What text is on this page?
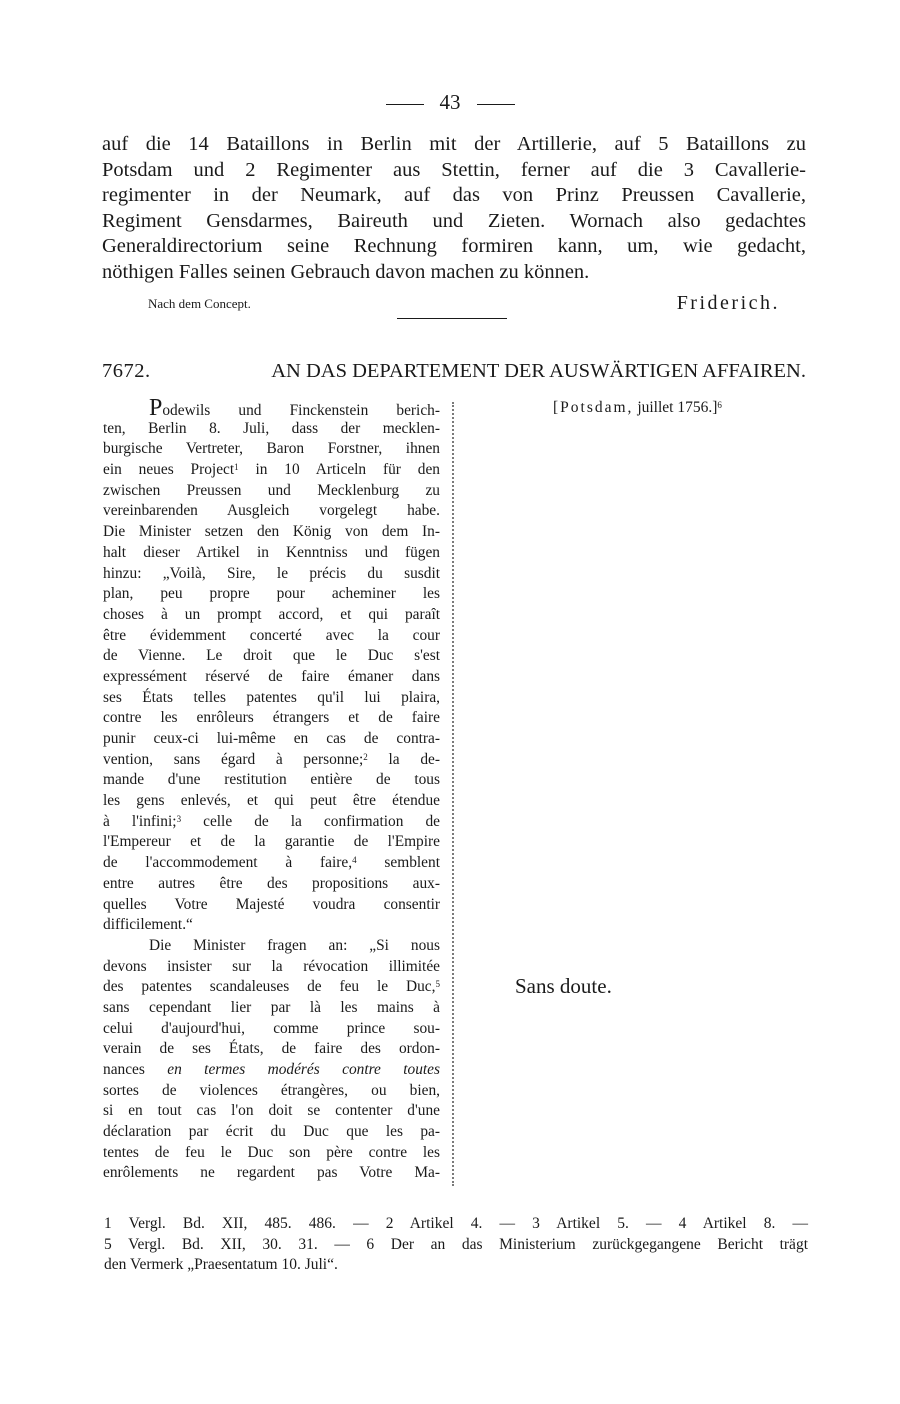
43
auf die 14 Bataillons in Berlin mit der Artillerie, auf 5 Bataillons zu
Potsdam und 2 Regimenter aus Stettin, ferner auf die 3 Cavallerie-
regimenter in der Neumark, auf das von Prinz Preussen Cavallerie,
Regiment Gensdarmes, Baireuth und Zieten. Wornach also gedachtes
Generaldirectorium seine Rechnung formiren kann, um, wie gedacht,
nöthigen Falles seinen Gebrauch davon machen zu können.
Nach dem Concept.	Friderich.
7672.	AN DAS DEPARTEMENT DER AUSWÄRTIGEN AFFAIREN.
Podewils und Finckenstein berich-
ten, Berlin 8. Juli, dass der mecklen-
burgische Vertreter, Baron Forstner, ihnen
ein neues Project$^1$ in 10 Articeln für den
zwischen Preussen und Mecklenburg zu
vereinbarenden Ausgleich vorgelegt habe.
Die Minister setzen den König von dem In-
halt dieser Artikel in Kenntniss und fügen
hinzu: „Voilà, Sire, le précis du susdit
plan, peu propre pour acheminer les
choses à un prompt accord, et qui paraît
être évidemment concerté avec la cour
de Vienne. Le droit que le Duc s'est
expressément réservé de faire émaner dans
ses États telles patentes qu'il lui plaira,
contre les enrôleurs étrangers et de faire
punir ceux-ci lui-même en cas de contra-
vention, sans égard à personne;$^2$ la de-
mande d'une restitution entière de tous
les gens enlevés, et qui peut être étendue
à l'infini;$^3$ celle de la confirmation de
l'Empereur et de la garantie de l'Empire
de l'accommodement à faire,$^4$ semblent
entre autres être des propositions aux-
quelles Votre Majesté voudra consentir
difficilement.“
Die Minister fragen an: „Si nous
devons insister sur la révocation illimitée
des patentes scandaleuses de feu le Duc,$^5$
sans cependant lier par là les mains à
celui d'aujourd'hui, comme prince sou-
verain de ses États, de faire des ordon-
nances en termes modérés contre toutes
sortes de violences étrangères, ou bien,
si en tout cas l'on doit se contenter d'une
déclaration par écrit du Duc que les pa-
tentes de feu le Duc son père contre les
enrôlements ne regardent pas Votre Ma-
[Potsdam, juillet 1756.]$^6$
Sans doute.
1 Vergl. Bd. XII, 485. 486. — 2 Artikel 4. — 3 Artikel 5. — 4 Artikel 8. —
5 Vergl. Bd. XII, 30. 31. — 6 Der an das Ministerium zurückgegangene Bericht trägt
den Vermerk „Praesentatum 10. Juli“.
